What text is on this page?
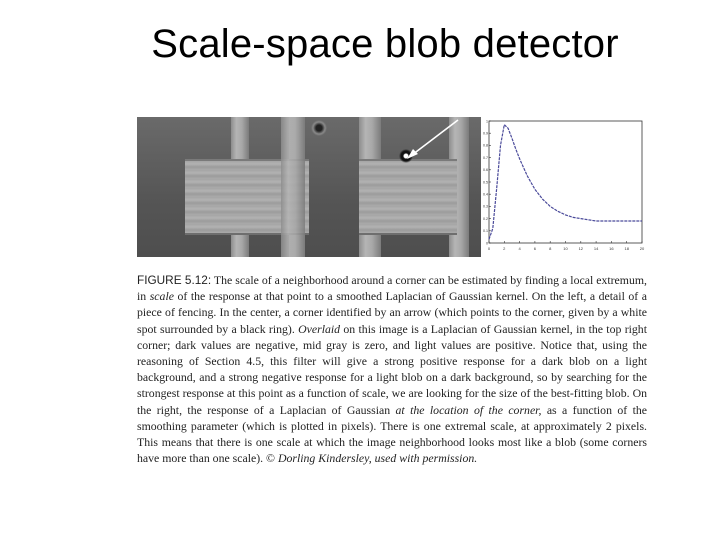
Scale-space blob detector
0	2	4	6	8	10	12	14	16	18	20
0
0.1
0.2
0.3
0.4
0.5
0.6
0.7
0.8
0.9
1

FIGURE 5.12: The scale of a neighborhood around a corner can be estimated by finding a local extremum, in scale of the response at that point to a smoothed Laplacian of Gaussian kernel. On the left, a detail of a piece of fencing. In the center, a corner identified by an arrow (which points to the corner, given by a white spot surrounded by a black ring). Overlaid on this image is a Laplacian of Gaussian kernel, in the top right corner; dark values are negative, mid gray is zero, and light values are positive. Notice that, using the reasoning of Section 4.5, this filter will give a strong positive response for a dark blob on a light background, and a strong negative response for a light blob on a dark background, so by searching for the strongest response at this point as a function of scale, we are looking for the size of the best-fitting blob. On the right, the response of a Laplacian of Gaussian at the location of the corner, as a function of the smoothing parameter (which is plotted in pixels). There is one extremal scale, at approximately 2 pixels. This means that there is one scale at which the image neighborhood looks most like a blob (some corners have more than one scale). © Dorling Kindersley, used with permission.
